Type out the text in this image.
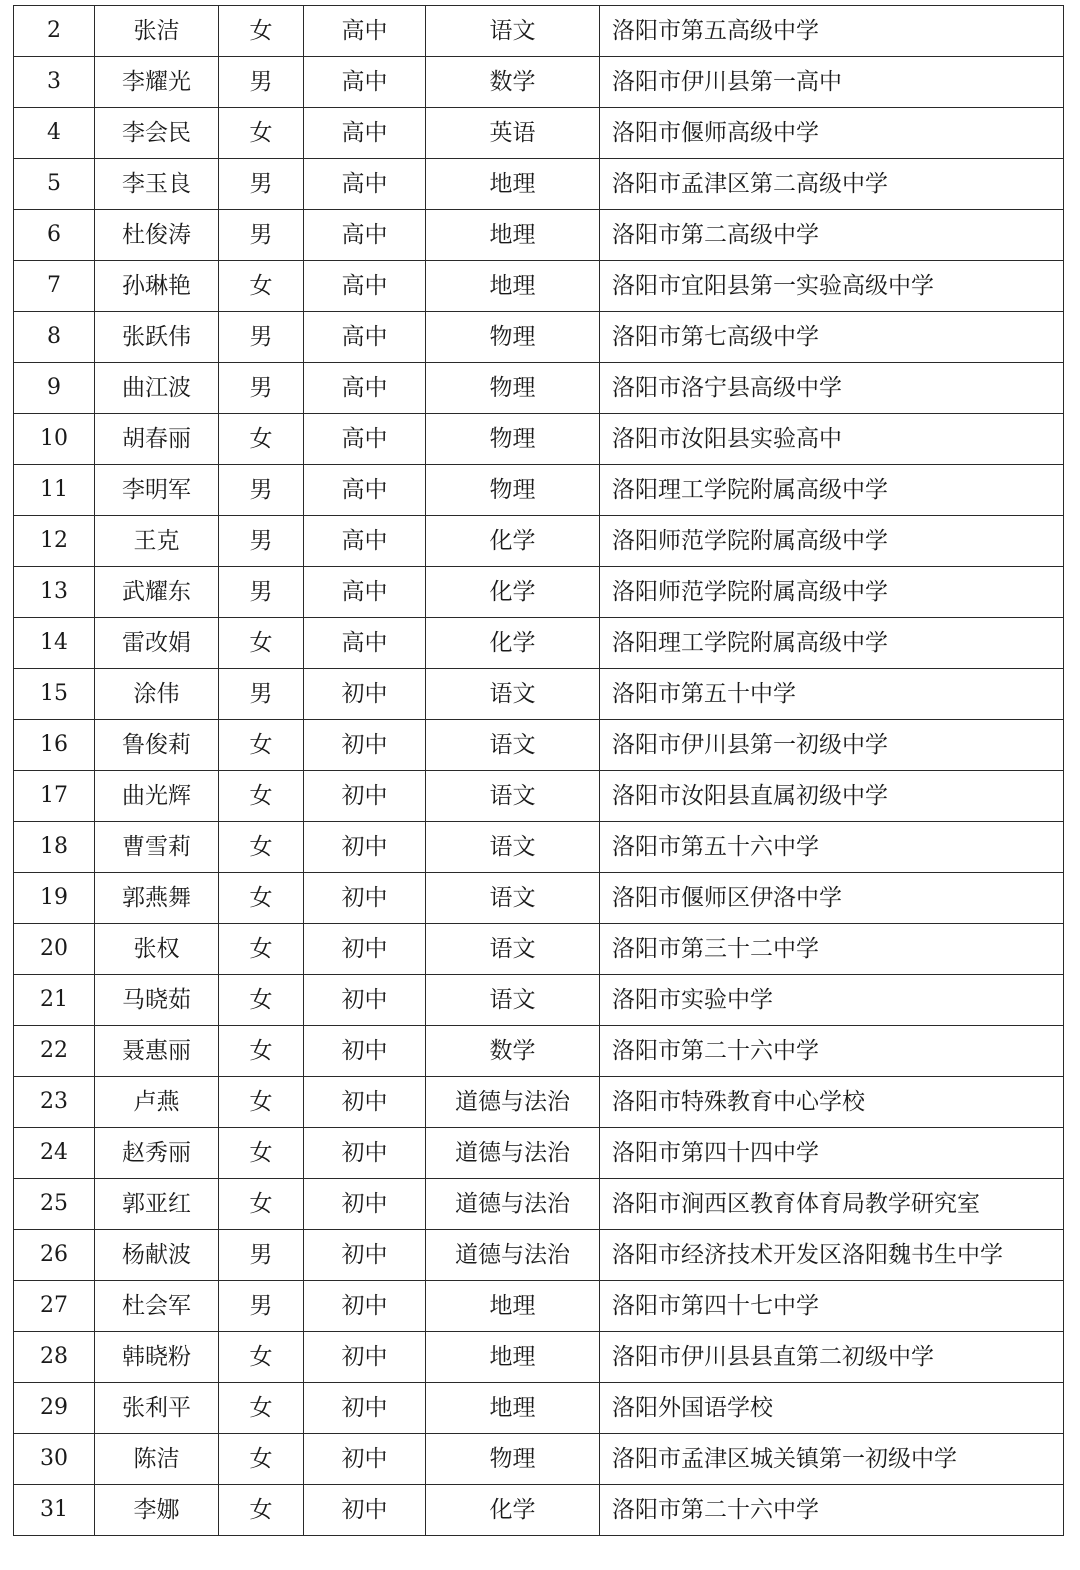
2	张洁	女	高中	语文	洛阳市第五高级中学
3	李耀光	男	高中	数学	洛阳市伊川县第一高中
4	李会民	女	高中	英语	洛阳市偃师高级中学
5	李玉良	男	高中	地理	洛阳市孟津区第二高级中学
6	杜俊涛	男	高中	地理	洛阳市第二高级中学
7	孙琳艳	女	高中	地理	洛阳市宜阳县第一实验高级中学
8	张跃伟	男	高中	物理	洛阳市第七高级中学
9	曲江波	男	高中	物理	洛阳市洛宁县高级中学
10	胡春丽	女	高中	物理	洛阳市汝阳县实验高中
11	李明军	男	高中	物理	洛阳理工学院附属高级中学
12	王克	男	高中	化学	洛阳师范学院附属高级中学
13	武耀东	男	高中	化学	洛阳师范学院附属高级中学
14	雷改娟	女	高中	化学	洛阳理工学院附属高级中学
15	涂伟	男	初中	语文	洛阳市第五十中学
16	鲁俊莉	女	初中	语文	洛阳市伊川县第一初级中学
17	曲光辉	女	初中	语文	洛阳市汝阳县直属初级中学
18	曹雪莉	女	初中	语文	洛阳市第五十六中学
19	郭燕舞	女	初中	语文	洛阳市偃师区伊洛中学
20	张权	女	初中	语文	洛阳市第三十二中学
21	马晓茹	女	初中	语文	洛阳市实验中学
22	聂惠丽	女	初中	数学	洛阳市第二十六中学
23	卢燕	女	初中	道德与法治	洛阳市特殊教育中心学校
24	赵秀丽	女	初中	道德与法治	洛阳市第四十四中学
25	郭亚红	女	初中	道德与法治	洛阳市涧西区教育体育局教学研究室
26	杨献波	男	初中	道德与法治	洛阳市经济技术开发区洛阳魏书生中学
27	杜会军	男	初中	地理	洛阳市第四十七中学
28	韩晓粉	女	初中	地理	洛阳市伊川县县直第二初级中学
29	张利平	女	初中	地理	洛阳外国语学校
30	陈洁	女	初中	物理	洛阳市孟津区城关镇第一初级中学
31	李娜	女	初中	化学	洛阳市第二十六中学
